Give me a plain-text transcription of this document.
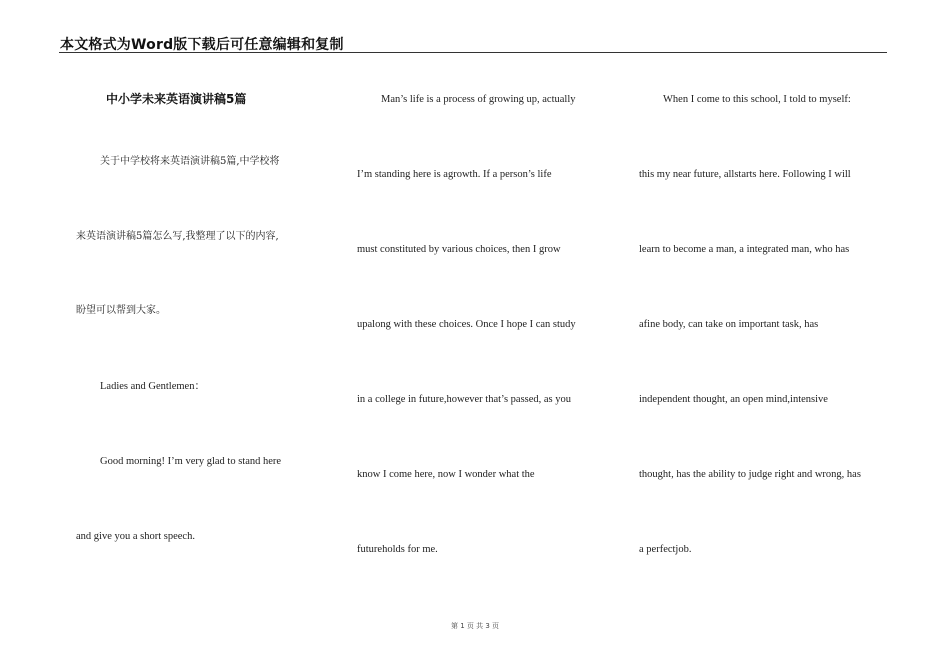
本文格式为Word版下载后可任意编辑和复制
中小学未来英语演讲稿5篇
关于中学校将来英语演讲稿5篇,中学校将
来英语演讲稿5篇怎么写,我整理了以下的内容,
盼望可以帮到大家。
Ladies and Gentlemen：
Good morning! I’m very glad to stand here
and give you a short speech.
Man’s life is a process of growing up, actually
I’m standing here is agrowth. If a person’s life
must constituted by various choices, then I grow
upalong with these choices. Once I hope I can study
in a college in future,however that’s passed, as you
know I come here, now I wonder what the
futureholds for me.
When I come to this school, I told to myself:
this my near future, allstarts here. Following I will
learn to become a man, a integrated man, who has
afine body, can take on important task, has
independent thought, an open mind,intensive
thought, has the ability to judge right and wrong, has
a perfectjob.
第 1 页 共 3 页
